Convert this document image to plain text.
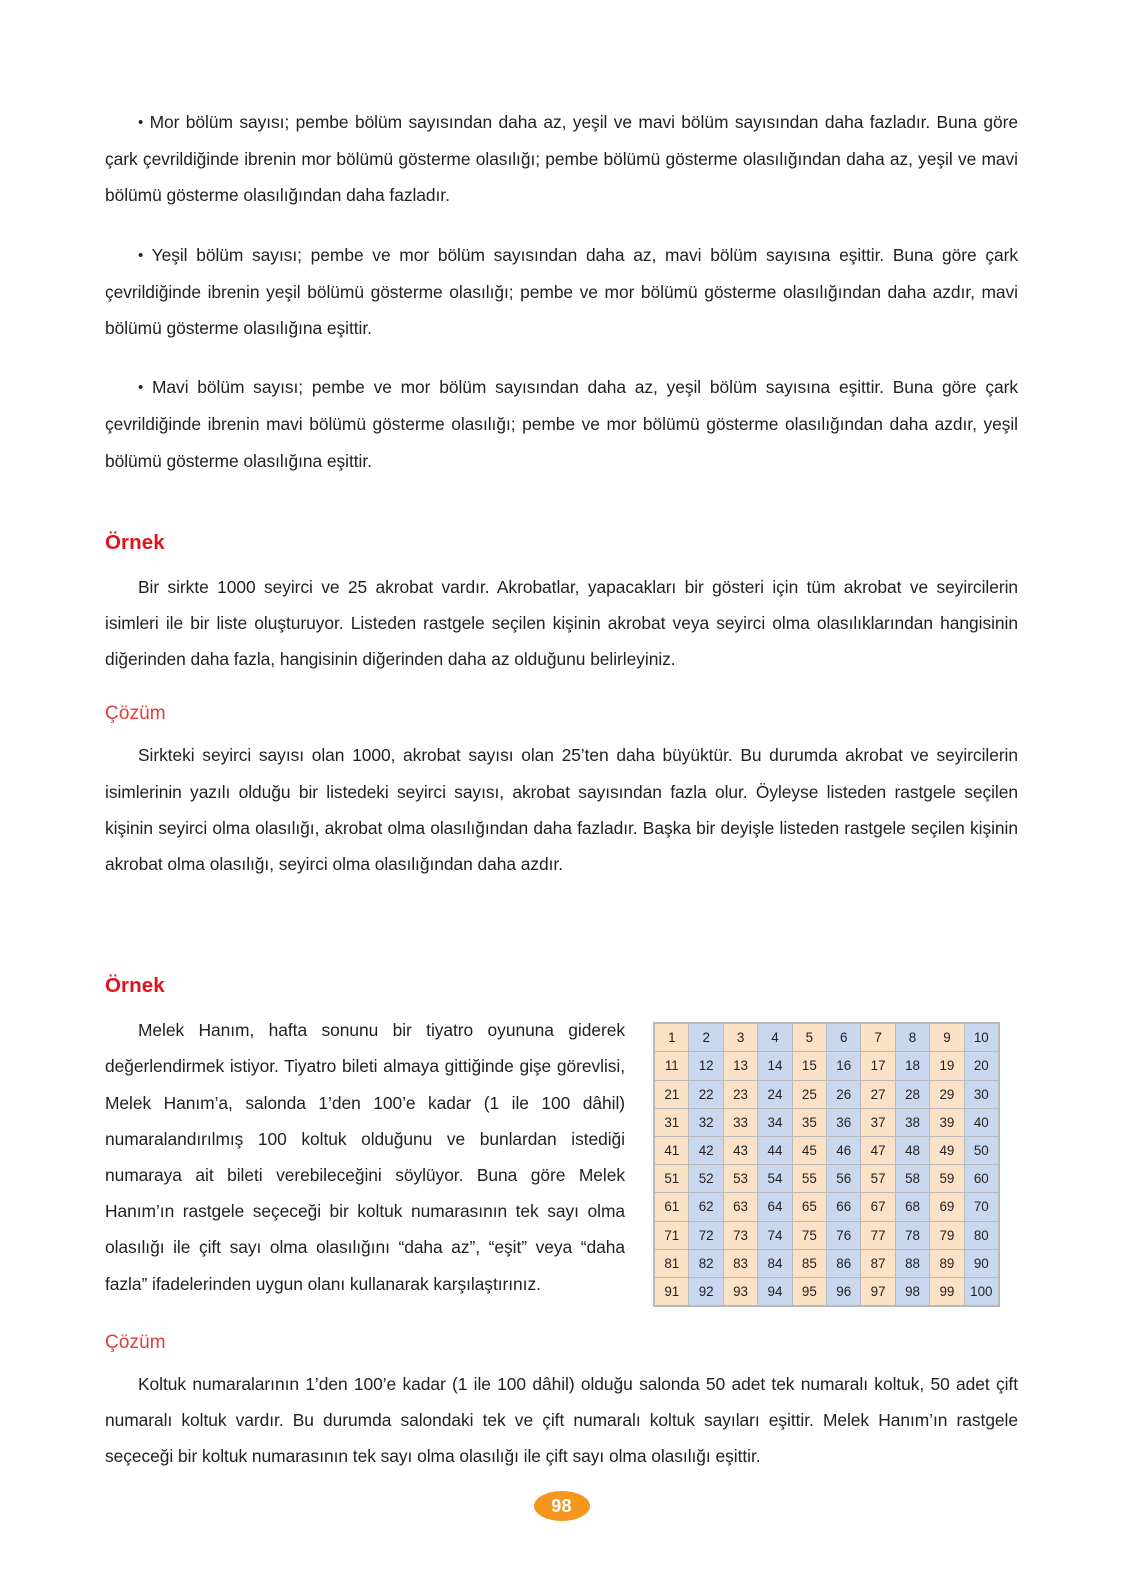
• Mor bölüm sayısı; pembe bölüm sayısından daha az, yeşil ve mavi bölüm sayısından daha fazladır. Buna göre çark çevrildiğinde ibrenin mor bölümü gösterme olasılığı; pembe bölümü gösterme olasılığından daha az, yeşil ve mavi bölümü gösterme olasılığından daha fazladır.

• Yeşil bölüm sayısı; pembe ve mor bölüm sayısından daha az, mavi bölüm sayısına eşittir. Buna göre çark çevrildiğinde ibrenin yeşil bölümü gösterme olasılığı; pembe ve mor bölümü gösterme olasılığından daha azdır, mavi bölümü gösterme olasılığına eşittir.

• Mavi bölüm sayısı; pembe ve mor bölüm sayısından daha az, yeşil bölüm sayısına eşittir. Buna göre çark çevrildiğinde ibrenin mavi bölümü gösterme olasılığı; pembe ve mor bölümü gösterme olasılığından daha azdır, yeşil bölümü gösterme olasılığına eşittir.

Örnek

Bir sirkte 1000 seyirci ve 25 akrobat vardır. Akrobatlar, yapacakları bir gösteri için tüm akrobat ve seyircilerin isimleri ile bir liste oluşturuyor. Listeden rastgele seçilen kişinin akrobat veya seyirci olma olasılıklarından hangisinin diğerinden daha fazla, hangisinin diğerinden daha az olduğunu belirleyiniz.

Çözüm

Sirkteki seyirci sayısı olan 1000, akrobat sayısı olan 25’ten daha büyüktür. Bu durumda akrobat ve seyircilerin isimlerinin yazılı olduğu bir listedeki seyirci sayısı, akrobat sayısından fazla olur. Öyleyse listeden rastgele seçilen kişinin seyirci olma olasılığı, akrobat olma olasılığından daha fazladır. Başka bir deyişle listeden rastgele seçilen kişinin akrobat olma olasılığı, seyirci olma olasılığından daha azdır.

Örnek

Melek Hanım, hafta sonunu bir tiyatro oyununa giderek değerlendirmek istiyor. Tiyatro bileti almaya gittiğinde gişe görevlisi, Melek Hanım’a, salonda 1’den 100’e kadar (1 ile 100 dâhil) numaralandırılmış 100 koltuk olduğunu ve bunlardan istediği numaraya ait bileti verebileceğini söylüyor. Buna göre Melek Hanım’ın rastgele seçeceği bir koltuk numarasının tek sayı olma olasılığı ile çift sayı olma olasılığını “daha az”, “eşit” veya “daha fazla” ifadelerinden uygun olanı kullanarak karşılaştırınız.

1	2	3	4	5	6	7	8	9	10
11	12	13	14	15	16	17	18	19	20
21	22	23	24	25	26	27	28	29	30
31	32	33	34	35	36	37	38	39	40
41	42	43	44	45	46	47	48	49	50
51	52	53	54	55	56	57	58	59	60
61	62	63	64	65	66	67	68	69	70
71	72	73	74	75	76	77	78	79	80
81	82	83	84	85	86	87	88	89	90
91	92	93	94	95	96	97	98	99	100
Çözüm

Koltuk numaralarının 1’den 100’e kadar (1 ile 100 dâhil) olduğu salonda 50 adet tek numaralı koltuk, 50 adet çift numaralı koltuk vardır. Bu durumda salondaki tek ve çift numaralı koltuk sayıları eşittir. Melek Hanım’ın rastgele seçeceği bir koltuk numarasının tek sayı olma olasılığı ile çift sayı olma olasılığı eşittir.

98
